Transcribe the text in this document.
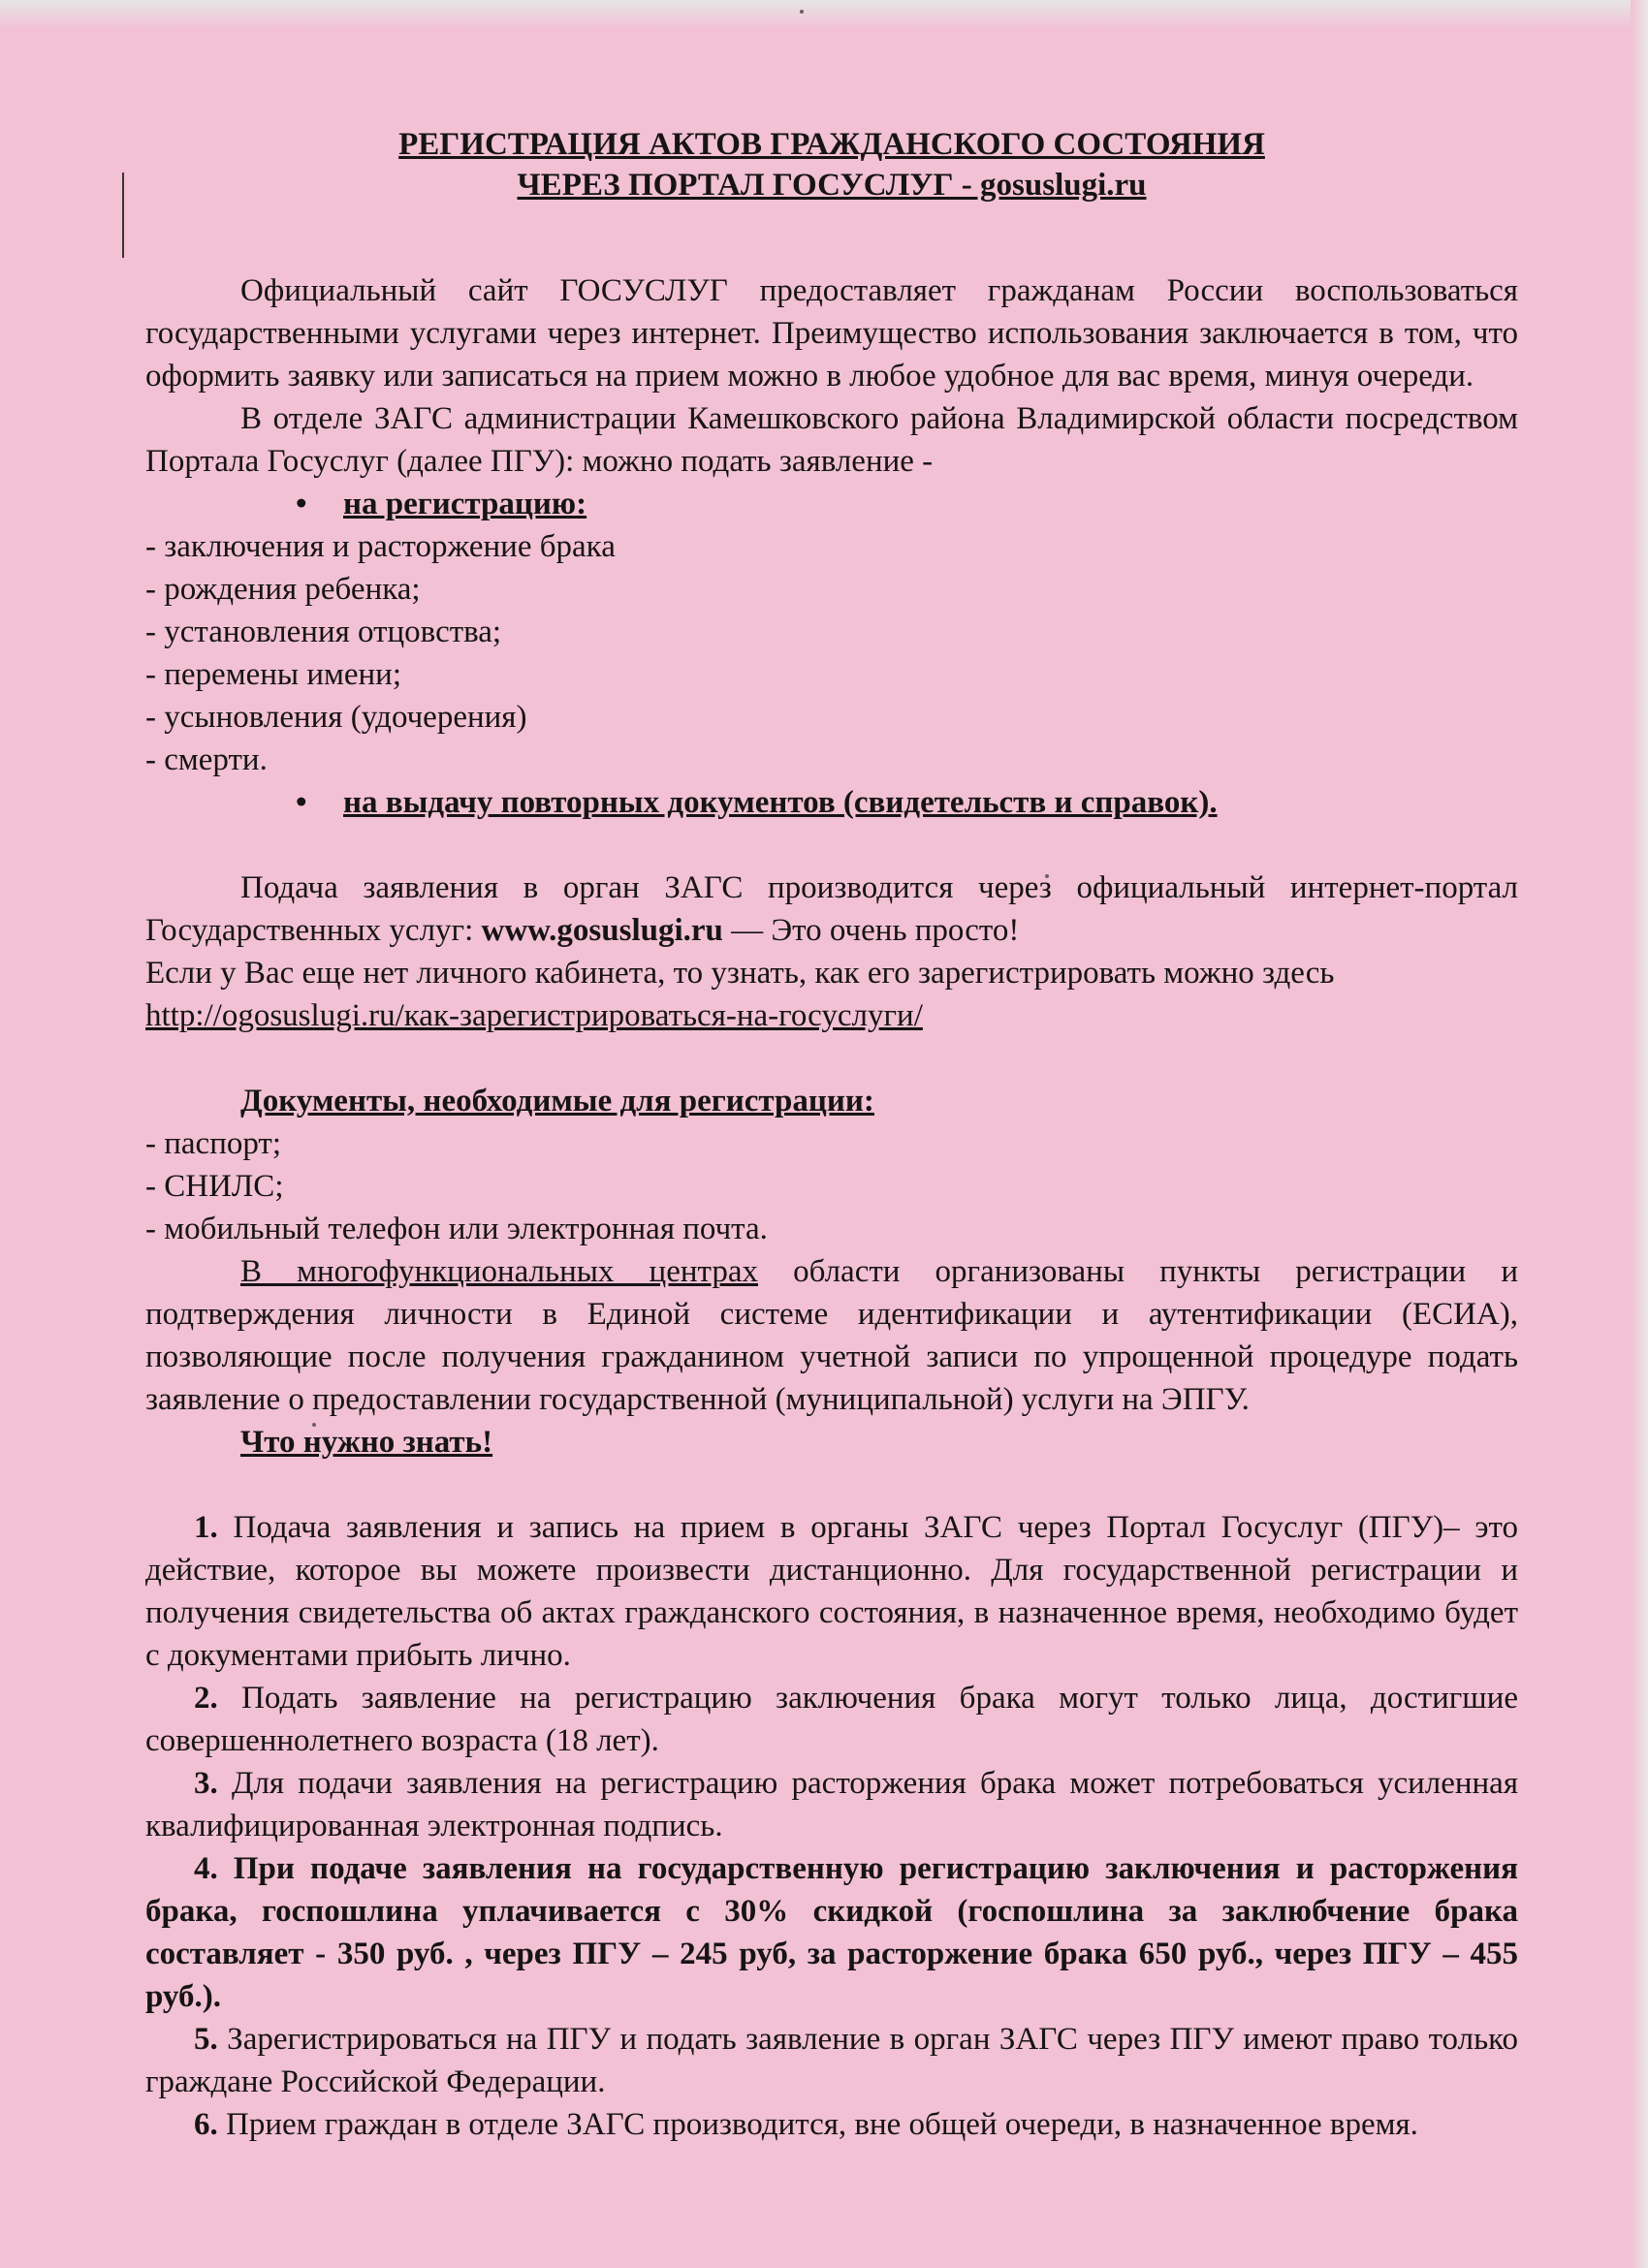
РЕГИСТРАЦИЯ АКТОВ ГРАЖДАНСКОГО СОСТОЯНИЯ
ЧЕРЕЗ ПОРТАЛ ГОСУСЛУГ - gosuslugi.ru

Официальный сайт ГОСУСЛУГ предоставляет гражданам России воспользоваться государственными услугами через интернет. Преимущество использования заключается в том, что оформить заявку или записаться на прием можно в любое удобное для вас время, минуя очереди.

В отделе ЗАГС администрации Камешковского района Владимирской области посредством Портала Госуслуг (далее ПГУ): можно подать заявление -

• на регистрацию:
- заключения и расторжение брака
- рождения ребенка;
- установления отцовства;
- перемены имени;
- усыновления (удочерения)
- смерти.
• на выдачу повторных документов (свидетельств и справок).

Подача заявления в орган ЗАГС производится через официальный интернет-портал Государственных услуг: www.gosuslugi.ru — Это очень просто!

Если у Вас еще нет личного кабинета, то узнать, как его зарегистрировать можно здесь
http://ogosuslugi.ru/как-зарегистрироваться-на-госуслуги/

Документы, необходимые для регистрации:
- паспорт;
- СНИЛС;
- мобильный телефон или электронная почта.

В многофункциональных центрах области организованы пункты регистрации и подтверждения личности в Единой системе идентификации и аутентификации (ЕСИА), позволяющие после получения гражданином учетной записи по упрощенной процедуре подать заявление о предоставлении государственной (муниципальной) услуги на ЭПГУ.

Что нужно знать!
1. Подача заявления и запись на прием в органы ЗАГС через Портал Госуслуг (ПГУ)– это действие, которое вы можете произвести дистанционно. Для государственной регистрации и получения свидетельства об актах гражданского состояния, в назначенное время, необходимо будет с документами прибыть лично.
2. Подать заявление на регистрацию заключения брака могут только лица, достигшие совершеннолетнего возраста (18 лет).
3. Для подачи заявления на регистрацию расторжения брака может потребоваться усиленная квалифицированная электронная подпись.
4. При подаче заявления на государственную регистрацию заключения и расторжения брака, госпошлина уплачивается с 30% скидкой (госпошлина за заклюбчение брака составляет - 350 руб. , через ПГУ – 245 руб, за расторжение брака 650 руб., через ПГУ – 455 руб.).
5. Зарегистрироваться на ПГУ и подать заявление в орган ЗАГС через ПГУ имеют право только граждане Российской Федерации.
6. Прием граждан в отделе ЗАГС производится, вне общей очереди, в назначенное время.
